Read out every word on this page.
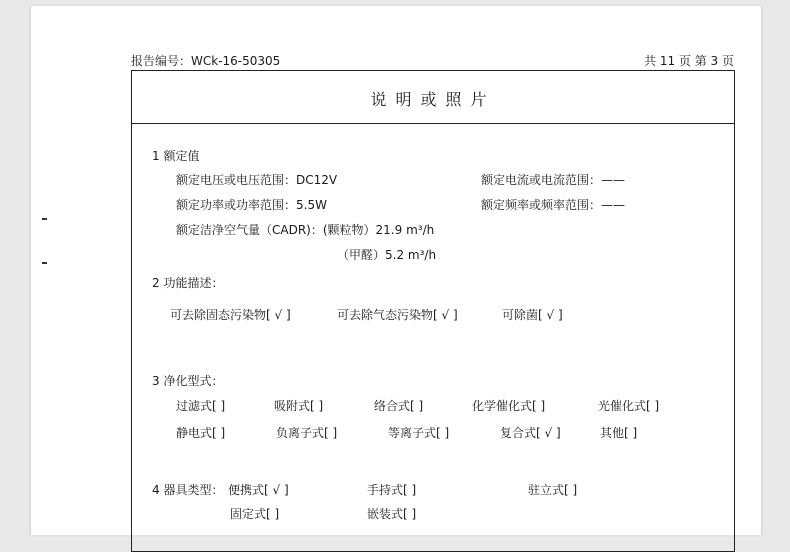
报告编号：WCk-16-50305	共 11 页 第 3 页
说明或照片
1 额定值
额定电压或电压范围：DC12V	额定电流或电流范围：——
额定功率或功率范围：5.5W	额定频率或频率范围：——
额定洁净空气量（CADR)：(颗粒物）21.9 m³/h
（甲醛）5.2 m³/h
2 功能描述：
可去除固态污染物[ √ ]	可去除气态污染物[ √ ]	可除菌[ √ ]
3 净化型式：
过滤式[ ]	吸附式[ ]	络合式[ ]	化学催化式[ ]	光催化式[ ]
静电式[ ]	负离子式[ ]	等离子式[ ]	复合式[ √ ]	其他[ ]
4 器具类型： 便携式[ √ ]	手持式[ ]	驻立式[ ]
固定式[ ]	嵌装式[ ]
